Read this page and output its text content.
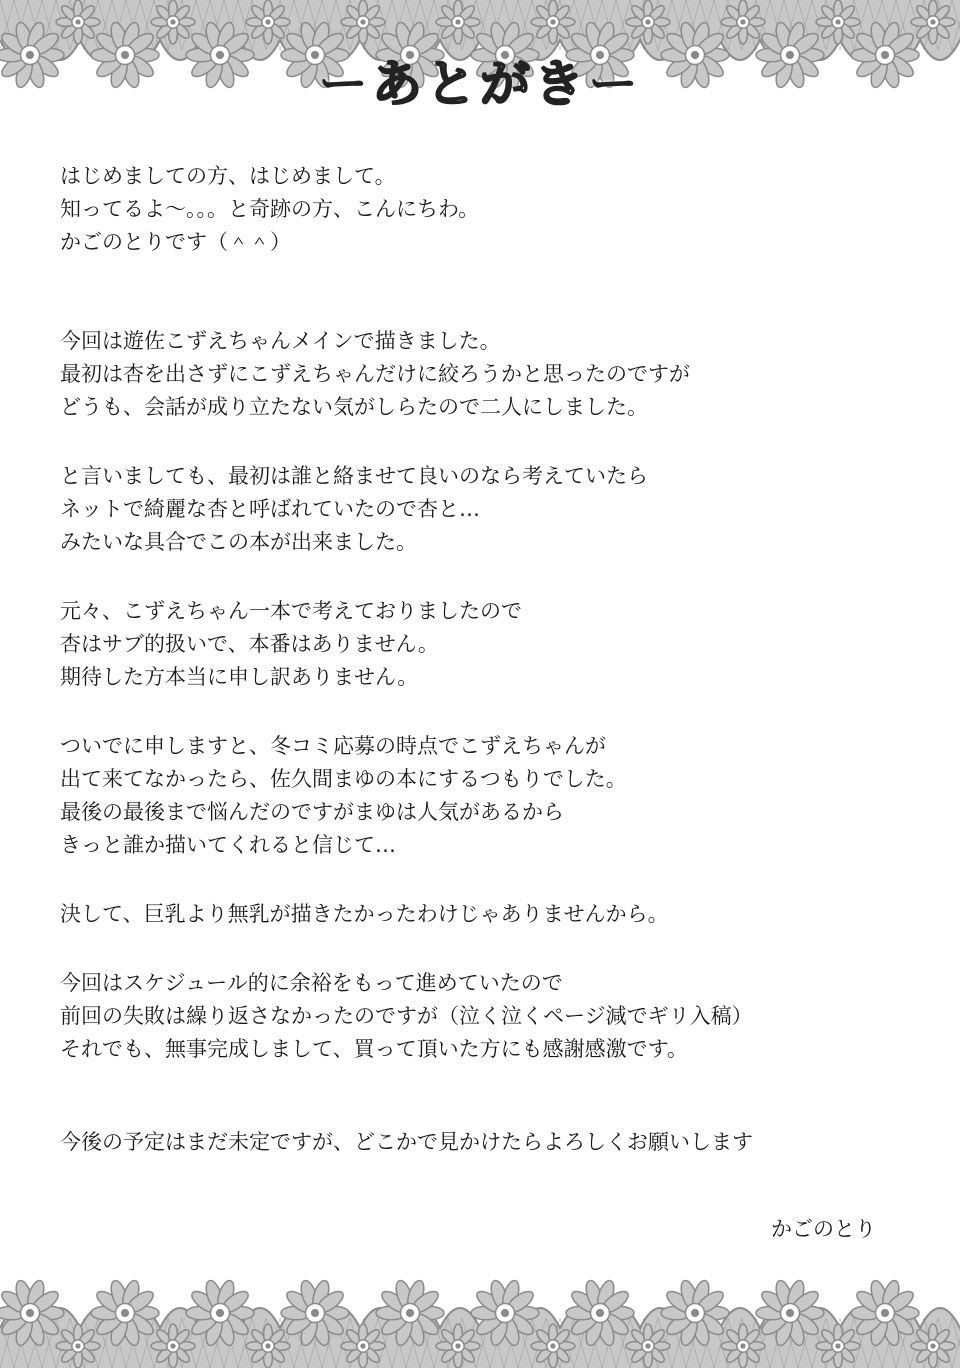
ーあとがきー

はじめましての方、はじめまして。
知ってるよ～。。。と奇跡の方、こんにちわ。
かごのとりです（＾＾）

今回は遊佐こずえちゃんメインで描きました。
最初は杏を出さずにこずえちゃんだけに絞ろうかと思ったのですが
どうも、会話が成り立たない気がしらたので二人にしました。

と言いましても、最初は誰と絡ませて良いのなら考えていたら
ネットで綺麗な杏と呼ばれていたので杏と…
みたいな具合でこの本が出来ました。

元々、こずえちゃん一本で考えておりましたので
杏はサブ的扱いで、本番はありません。
期待した方本当に申し訳ありません。

ついでに申しますと、冬コミ応募の時点でこずえちゃんが
出て来てなかったら、佐久間まゆの本にするつもりでした。
最後の最後まで悩んだのですがまゆは人気があるから
きっと誰か描いてくれると信じて…

決して、巨乳より無乳が描きたかったわけじゃありませんから。

今回はスケジュール的に余裕をもって進めていたので
前回の失敗は繰り返さなかったのですが（泣く泣くページ減でギリ入稿）
それでも、無事完成しまして、買って頂いた方にも感謝感激です。

今後の予定はまだ未定ですが、どこかで見かけたらよろしくお願いします

かごのとり
